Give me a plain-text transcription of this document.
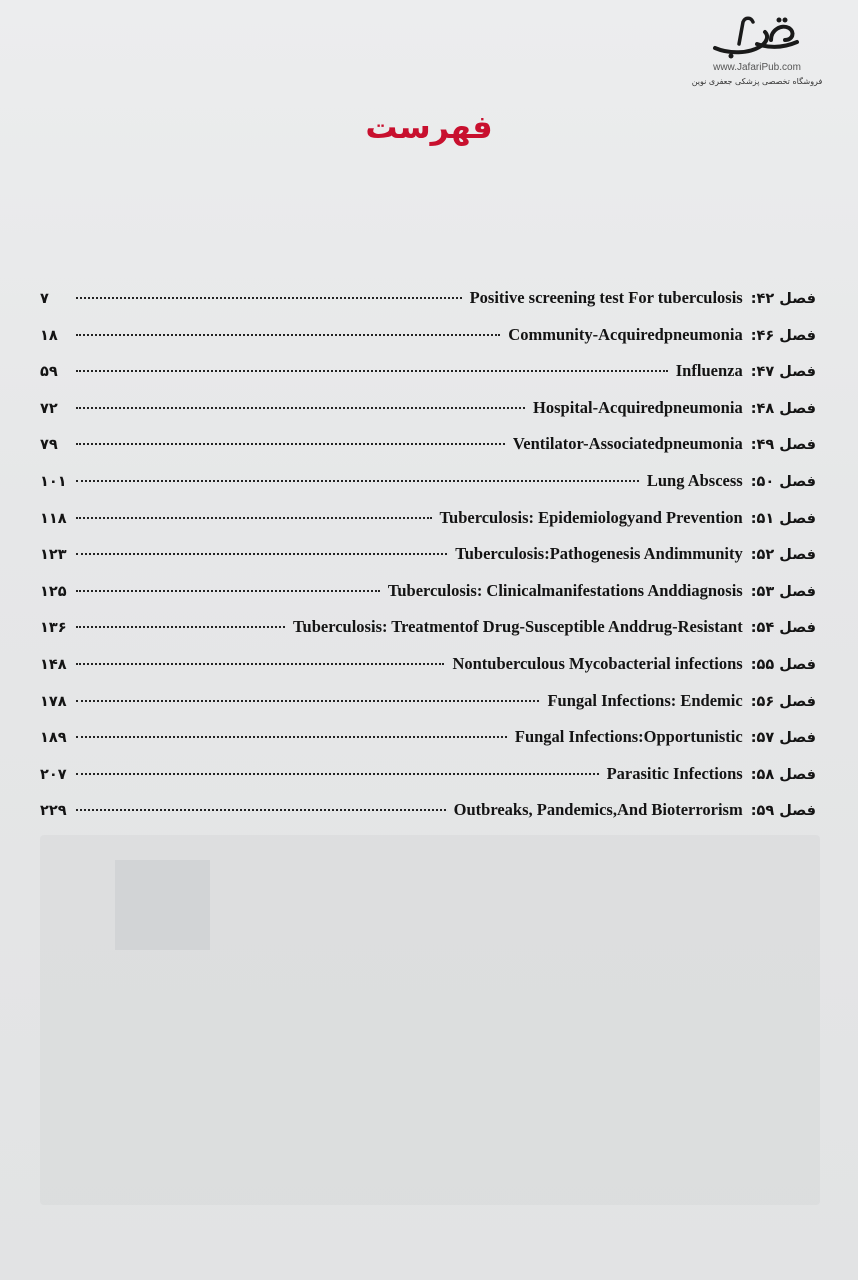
www.JafariPub.com
فروشگاه تخصصی پزشکی جعفری نوین
فهرست
فصل ۴۲:
Positive screening test For tuberculosis
۷
فصل ۴۶:
Community-Acquiredpneumonia
۱۸
فصل ۴۷:
Influenza
۵۹
فصل ۴۸:
Hospital-Acquiredpneumonia
۷۲
فصل ۴۹:
Ventilator-Associatedpneumonia
۷۹
فصل ۵۰:
Lung Abscess
۱۰۱
فصل ۵۱:
Tuberculosis: Epidemiologyand Prevention
۱۱۸
فصل ۵۲:
Tuberculosis:Pathogenesis Andimmunity
۱۲۳
فصل ۵۳:
Tuberculosis: Clinicalmanifestations Anddiagnosis
۱۲۵
فصل ۵۴:
Tuberculosis: Treatmentof Drug-Susceptible Anddrug-Resistant
۱۳۶
فصل ۵۵:
Nontuberculous Mycobacterial infections
۱۴۸
فصل ۵۶:
Fungal Infections: Endemic
۱۷۸
فصل ۵۷:
Fungal Infections:Opportunistic
۱۸۹
فصل ۵۸:
Parasitic Infections
۲۰۷
فصل ۵۹:
Outbreaks, Pandemics,And Bioterrorism
۲۲۹
